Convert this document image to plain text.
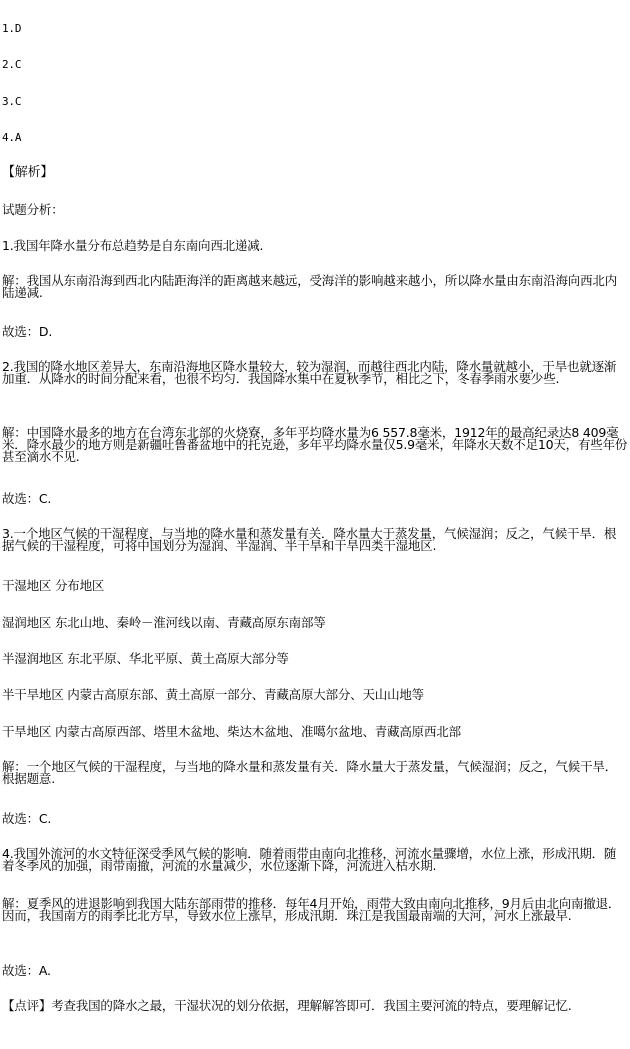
1.D
2.C
3.C
4.A
【解析】
试题分析：
1.我国年降水量分布总趋势是自东南向西北递减.
解：我国从东南沿海到西北内陆距海洋的距离越来越远，受海洋的影响越来越小，所以降水量由东南沿海向西北内陆递减.
故选：D.
2.我国的降水地区差异大，东南沿海地区降水量较大，较为湿润，而越往西北内陆，降水量就越小，干旱也就逐渐加重．从降水的时间分配来看，也很不均匀．我国降水集中在夏秋季节，相比之下，冬春季雨水要少些.
解：中国降水最多的地方在台湾东北部的火烧寮，多年平均降水量为6 557.8毫米，1912年的最高纪录达8 409毫米．降水最少的地方则是新疆吐鲁番盆地中的托克逊，多年平均降水量仅5.9毫米，年降水天数不足10天，有些年份甚至滴水不见.
故选：C.
3.一个地区气候的干湿程度，与当地的降水量和蒸发量有关．降水量大于蒸发量，气候湿润；反之，气候干旱．根据气候的干湿程度，可将中国划分为湿润、半湿润、半干旱和干旱四类干湿地区.
干湿地区 分布地区
湿润地区 东北山地、秦岭－淮河线以南、青藏高原东南部等
半湿润地区 东北平原、华北平原、黄土高原大部分等
半干旱地区 内蒙古高原东部、黄土高原一部分、青藏高原大部分、天山山地等
干旱地区 内蒙古高原西部、塔里木盆地、柴达木盆地、准噶尔盆地、青藏高原西北部
解：一个地区气候的干湿程度，与当地的降水量和蒸发量有关．降水量大于蒸发量，气候湿润；反之，气候干旱．根据题意.
故选：C.
4.我国外流河的水文特征深受季风气候的影响．随着雨带由南向北推移，河流水量骤增，水位上涨，形成汛期．随着冬季风的加强，雨带南撤，河流的水量减少，水位逐渐下降，河流进入枯水期.
解：夏季风的进退影响到我国大陆东部雨带的推移．每年4月开始，雨带大致由南向北推移，9月后由北向南撤退．因而，我国南方的雨季比北方早，导致水位上涨早，形成汛期．珠江是我国最南端的大河，河水上涨最早.
故选：A.
【点评】考查我国的降水之最，干湿状况的划分依据，理解解答即可．我国主要河流的特点，要理解记忆.
